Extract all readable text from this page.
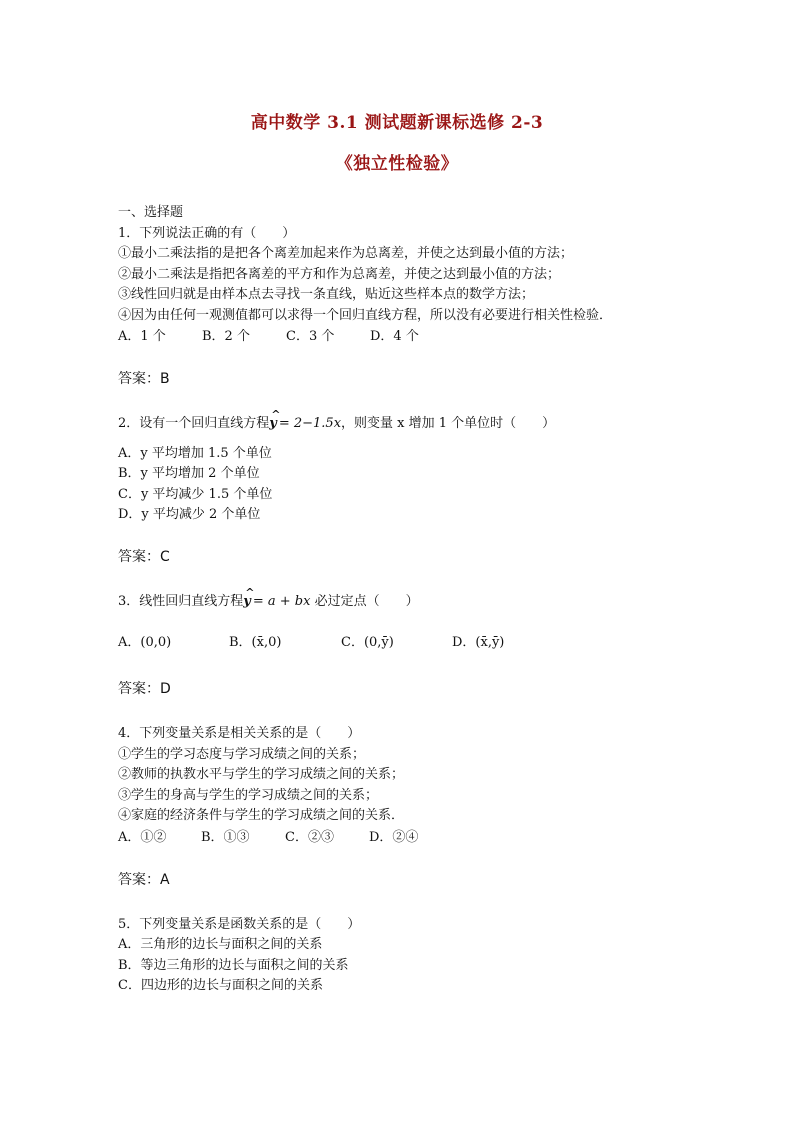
高中数学 3.1 测试题新课标选修 2-3
《独立性检验》
一、选择题
1．下列说法正确的有（　　）
①最小二乘法指的是把各个离差加起来作为总离差，并使之达到最小值的方法；
②最小二乘法是指把各离差的平方和作为总离差，并使之达到最小值的方法；
③线性回归就是由样本点去寻找一条直线，贴近这些样本点的数学方法；
④因为由任何一观测值都可以求得一个回归直线方程，所以没有必要进行相关性检验．
A．1 个	B．2 个	C．3 个	D．4 个
答案：B
2．设有一个回归直线方程y ^ = 2−1.5x，则变量 x 增加 1 个单位时（　　）
A．y 平均增加 1.5 个单位
B．y 平均增加 2 个单位
C．y 平均减少 1.5 个单位
D．y 平均减少 2 个单位
答案：C
3．线性回归直线方程y ^ = a + bx 必过定点（　　）
A．(0,0)	B．(x̄,0)	C．(0,ȳ)	D．(x̄,ȳ)
答案：D
4．下列变量关系是相关关系的是（　　）
①学生的学习态度与学习成绩之间的关系；
②教师的执教水平与学生的学习成绩之间的关系；
③学生的身高与学生的学习成绩之间的关系；
④家庭的经济条件与学生的学习成绩之间的关系．
A．①②	B．①③	C．②③	D．②④
答案：A
5．下列变量关系是函数关系的是（　　）
A．三角形的边长与面积之间的关系
B．等边三角形的边长与面积之间的关系
C．四边形的边长与面积之间的关系
